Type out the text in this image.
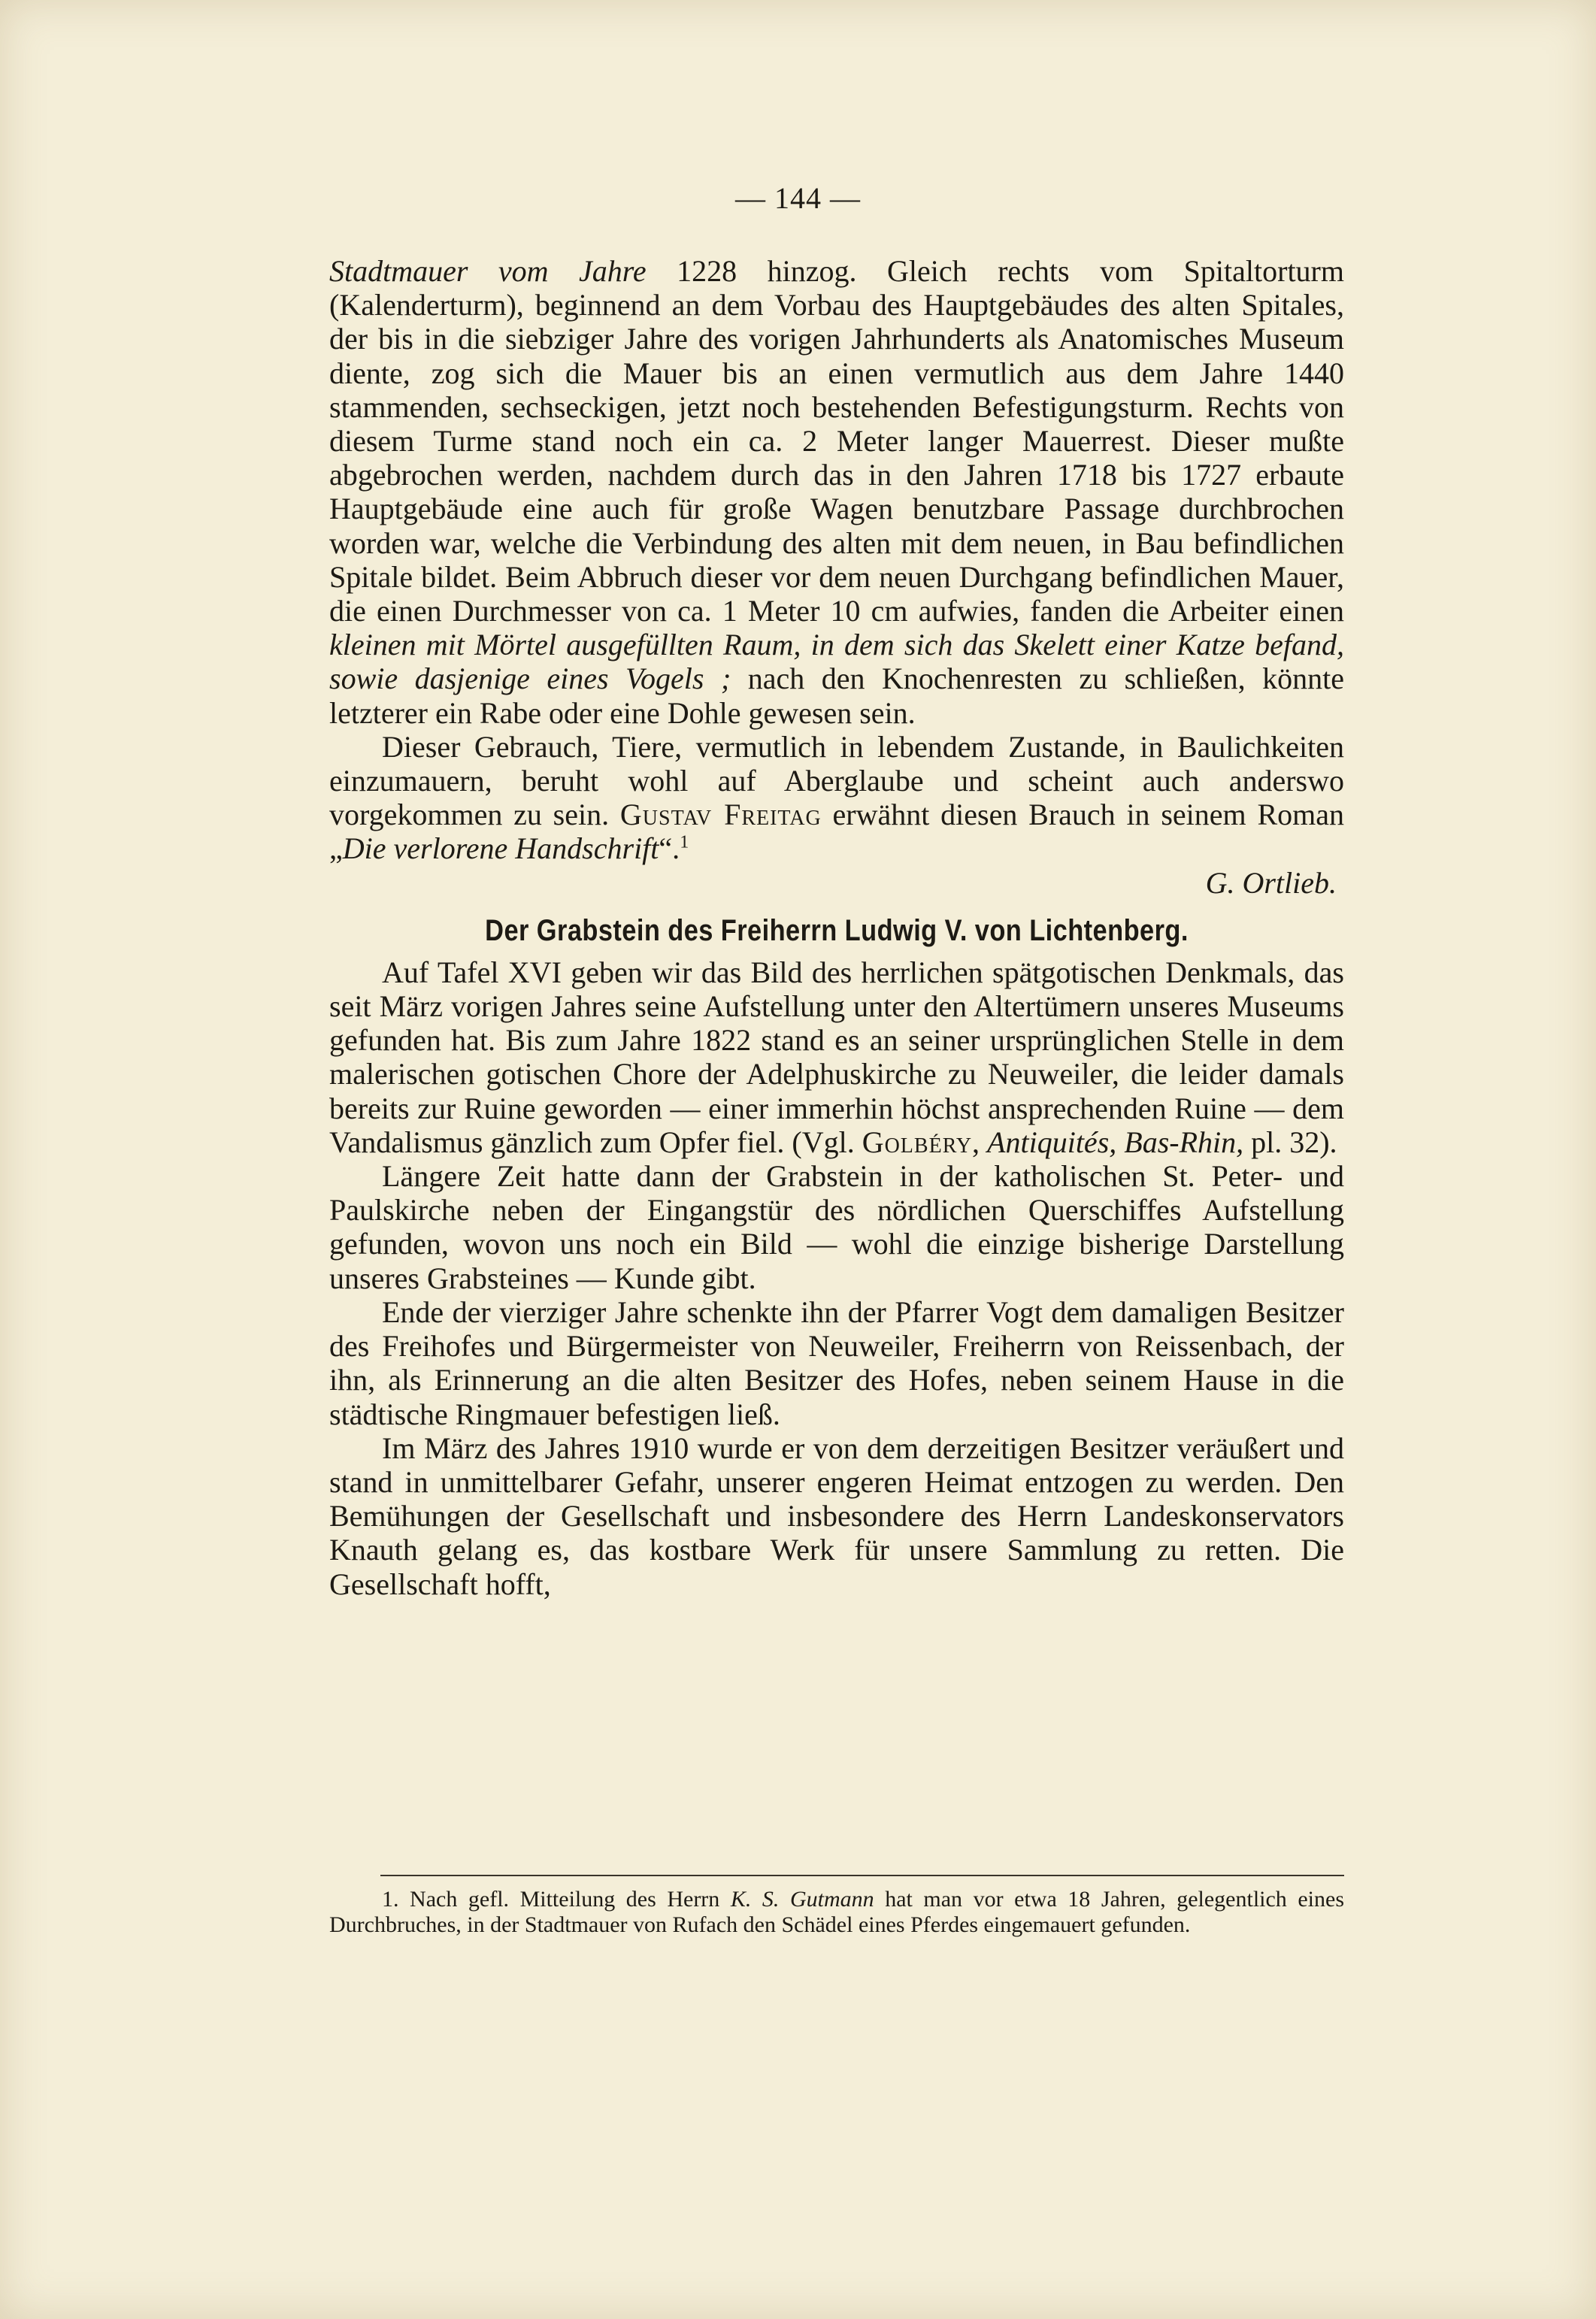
— 144 —

Stadtmauer vom Jahre 1228 hinzog. Gleich rechts vom Spitaltorturm (Kalenderturm), beginnend an dem Vorbau des Hauptgebäudes des alten Spitales, der bis in die siebziger Jahre des vorigen Jahrhunderts als Anatomisches Museum diente, zog sich die Mauer bis an einen vermutlich aus dem Jahre 1440 stammenden, sechseckigen, jetzt noch bestehenden Befestigungsturm. Rechts von diesem Turme stand noch ein ca. 2 Meter langer Mauerrest. Dieser mußte abgebrochen werden, nachdem durch das in den Jahren 1718 bis 1727 erbaute Hauptgebäude eine auch für große Wagen benutzbare Passage durchbrochen worden war, welche die Verbindung des alten mit dem neuen, in Bau befindlichen Spitale bildet. Beim Abbruch dieser vor dem neuen Durchgang befindlichen Mauer, die einen Durchmesser von ca. 1 Meter 10 cm aufwies, fanden die Arbeiter einen kleinen mit Mörtel ausgefüllten Raum, in dem sich das Skelett einer Katze befand, sowie dasjenige eines Vogels ; nach den Knochenresten zu schließen, könnte letzterer ein Rabe oder eine Dohle gewesen sein.

Dieser Gebrauch, Tiere, vermutlich in lebendem Zustande, in Baulichkeiten einzumauern, beruht wohl auf Aberglaube und scheint auch anderswo vorgekommen zu sein. Gustav Freitag erwähnt diesen Brauch in seinem Roman „Die verlorene Handschrift“.$^1$

G. Ortlieb.

Der Grabstein des Freiherrn Ludwig V. von Lichtenberg.

Auf Tafel XVI geben wir das Bild des herrlichen spätgotischen Denkmals, das seit März vorigen Jahres seine Aufstellung unter den Altertümern unseres Museums gefunden hat. Bis zum Jahre 1822 stand es an seiner ursprünglichen Stelle in dem malerischen gotischen Chore der Adelphuskirche zu Neuweiler, die leider damals bereits zur Ruine geworden — einer immerhin höchst ansprechenden Ruine — dem Vandalismus gänzlich zum Opfer fiel. (Vgl. Golbéry, Antiquités, Bas-Rhin, pl. 32).

Längere Zeit hatte dann der Grabstein in der katholischen St. Peter- und Paulskirche neben der Eingangstür des nördlichen Querschiffes Aufstellung gefunden, wovon uns noch ein Bild — wohl die einzige bisherige Darstellung unseres Grabsteines — Kunde gibt.

Ende der vierziger Jahre schenkte ihn der Pfarrer Vogt dem damaligen Besitzer des Freihofes und Bürgermeister von Neuweiler, Freiherrn von Reissenbach, der ihn, als Erinnerung an die alten Besitzer des Hofes, neben seinem Hause in die städtische Ringmauer befestigen ließ.

Im März des Jahres 1910 wurde er von dem derzeitigen Besitzer veräußert und stand in unmittelbarer Gefahr, unserer engeren Heimat entzogen zu werden. Den Bemühungen der Gesellschaft und insbesondere des Herrn Landeskonservators Knauth gelang es, das kostbare Werk für unsere Sammlung zu retten. Die Gesellschaft hofft,

1. Nach gefl. Mitteilung des Herrn K. S. Gutmann hat man vor etwa 18 Jahren, gelegentlich eines Durchbruches, in der Stadtmauer von Rufach den Schädel eines Pferdes eingemauert gefunden.
